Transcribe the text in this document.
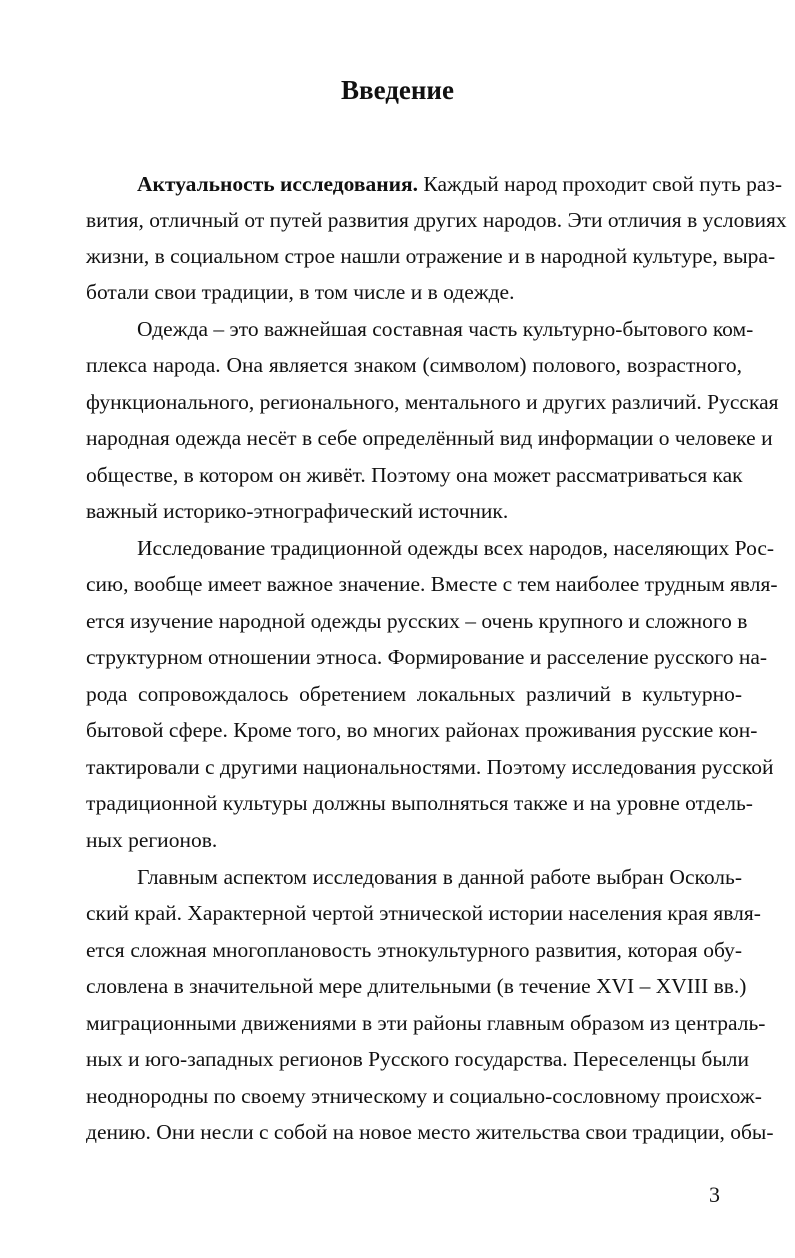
Введение
Актуальность исследования. Каждый народ проходит свой путь раз-
вития, отличный от путей развития других народов. Эти отличия в условиях
жизни, в социальном строе нашли отражение и в народной культуре, выра-
ботали свои традиции, в том числе и в одежде.
Одежда – это важнейшая составная часть культурно-бытового ком-
плекса народа. Она является знаком (символом) полового, возрастного,
функционального, регионального, ментального и других различий. Русская
народная одежда несёт в себе определённый вид информации о человеке и
обществе, в котором он живёт. Поэтому она может рассматриваться как
важный историко-этнографический источник.
Исследование традиционной одежды всех народов, населяющих Рос-
сию, вообще имеет важное значение. Вместе с тем наиболее трудным явля-
ется изучение народной одежды русских – очень крупного и сложного в
структурном отношении этноса. Формирование и расселение русского на-
рода сопровождалось обретением локальных различий в культурно-
бытовой сфере. Кроме того, во многих районах проживания русские кон-
тактировали с другими национальностями. Поэтому исследования русской
традиционной культуры должны выполняться также и на уровне отдель-
ных регионов.
Главным аспектом исследования в данной работе выбран Осколь-
ский край. Характерной чертой этнической истории населения края явля-
ется сложная многоплановость этнокультурного развития, которая обу-
словлена в значительной мере длительными (в течение XVI – XVIII вв.)
миграционными движениями в эти районы главным образом из централь-
ных и юго-западных регионов Русского государства. Переселенцы были
неоднородны по своему этническому и социально-сословному происхож-
дению. Они несли с собой на новое место жительства свои традиции, обы-
3
